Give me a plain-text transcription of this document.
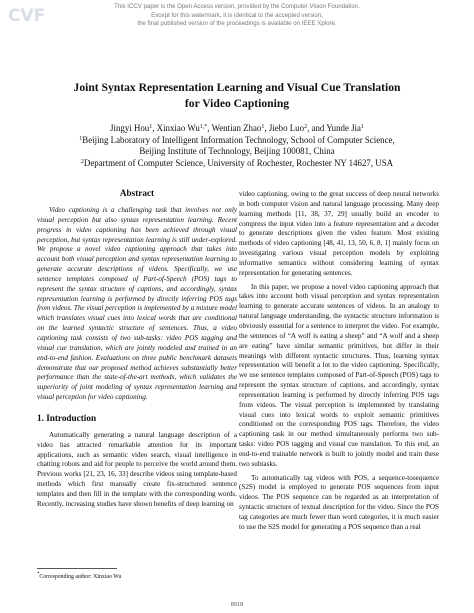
CVF	This ICCV paper is the Open Access version, provided by the Computer Vision Foundation.
Except for this watermark, it is identical to the accepted version;
the final published version of the proceedings is available on IEEE Xplore.
Joint Syntax Representation Learning and Visual Cue Translation
for Video Captioning
Jingyi Hou$^1$, Xinxiao $Wu^{1,*}$, Wentian Zhao$^1$, Jiebo Luo$^2$, and Yunde Jia$^1$
$^1$Beijing Laboratory of Intelligent Information Technology, School of Computer Science,
Beijing Institute of Technology, Beijing 100081, China
$^2$Department of Computer Science, University of Rochester, Rochester NY 14627, USA
Abstract
Video captioning is a challenging task that involves not only visual perception but also syntax representation learning. Recent progress in video captioning has been achieved through visual perception, but syntax representation learning is still under-explored. We propose a novel video captioning approach that takes into account both visual perception and syntax representation learning to generate accurate descriptions of videos. Specifically, we use sentence templates composed of Part-of-Speech (POS) tags to represent the syntax structure of captions, and accordingly, syntax representation learning is performed by directly inferring POS tags from videos. The visual perception is implemented by a mixture model which translates visual cues into lexical words that are conditional on the learned syntactic structure of sentences. Thus, a video captioning task consists of two sub-tasks: video POS tagging and visual cue translation, which are jointly modeled and trained in an end-to-end fashion. Evaluations on three public benchmark datasets demonstrate that our proposed method achieves substantially better performance than the state-of-the-art methods, which validates the superiority of joint modeling of syntax representation learning and visual perception for video captioning.
1. Introduction
Automatically generating a natural language description of a video has attracted remarkable attention for its important applications, such as semantic video search, visual intelligence in chatting robots and aid for people to perceive the world around them. Previous works [21, 23, 16, 33] describe videos using template-based methods which first manually create fix-structured sentence templates and then fill in the template with the corresponding words. Recently, increasing studies have shown benefits of deep learning on
video captioning, owing to the great success of deep neural networks in both computer vision and natural language processing. Many deep learning methods [11, 38, 37, 29] usually build an encoder to compress the input video into a feature representation and a decoder to generate descriptions given the video feature. Most existing methods of video captioning [48, 41, 13, 50, 6, 8, 1] mainly focus on investigating various visual perception models by exploiting informative semantics without considering learning of syntax representation for generating sentences.
In this paper, we propose a novel video captioning approach that takes into account both visual perception and syntax representation learning to generate accurate sentences of videos. In an analogy to natural language understanding, the syntactic structure information is obviously essential for a sentence to interpret the video. For example, the sentences of “A wolf is eating a sheep” and “A wolf and a sheep are eating” have similar semantic primitives, but differ in their meanings with different syntactic structures. Thus, learning syntax representation will benefit a lot to the video captioning. Specifically, we use sentence templates composed of Part-of-Speech (POS) tags to represent the syntax structure of captions, and accordingly, syntax representation learning is performed by directly inferring POS tags from videos. The visual perception is implemented by translating visual cues into lexical words to exploit semantic primitives conditioned on the corresponding POS tags. Therefore, the video captioning task in our method simultaneously performs two sub-tasks: video POS tagging and visual cue translation. To this end, an end-to-end trainable network is built to jointly model and train these two subtasks.
To automatically tag videos with POS, a sequence-tosequence (S2S) model is employed to generate POS sequences from input videos. The POS sequence can be regarded as an interpretation of syntactic structure of textual description for the video. Since the POS tag categories are much fewer than word categories, it is much easier to use the S2S model for generating a POS sequence than a real
*Corresponding author: Xinxiao Wu
8918
